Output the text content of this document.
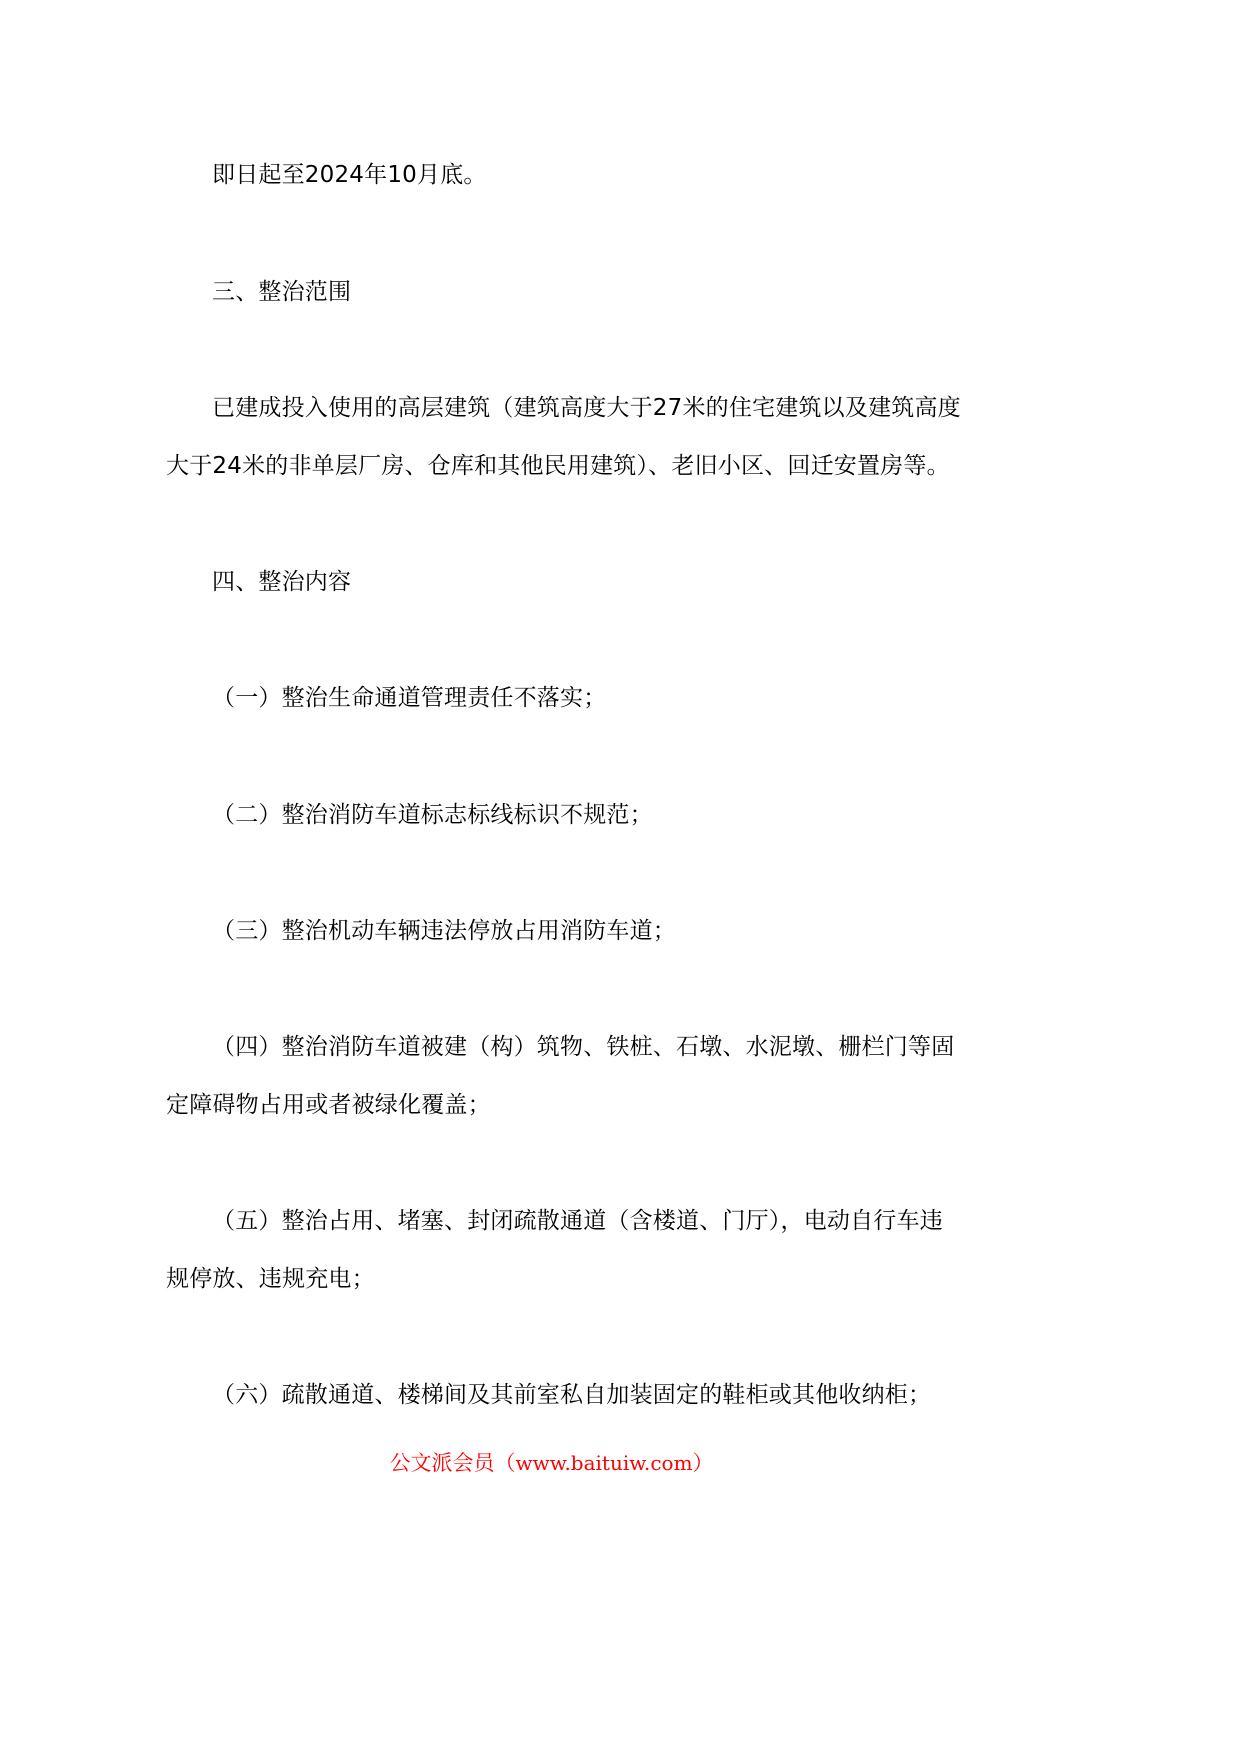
即日起至2024年10月底。
三、整治范围
已建成投入使用的高层建筑（建筑高度大于27米的住宅建筑以及建筑高度
大于24米的非单层厂房、仓库和其他民用建筑）、老旧小区、回迁安置房等。
四、整治内容
（一）整治生命通道管理责任不落实；
（二）整治消防车道标志标线标识不规范；
（三）整治机动车辆违法停放占用消防车道；
（四）整治消防车道被建（构）筑物、铁桩、石墩、水泥墩、栅栏门等固
定障碍物占用或者被绿化覆盖；
（五）整治占用、堵塞、封闭疏散通道（含楼道、门厅），电动自行车违
规停放、违规充电；
（六）疏散通道、楼梯间及其前室私自加装固定的鞋柜或其他收纳柜；
公文派会员（www.baituiw.com）
